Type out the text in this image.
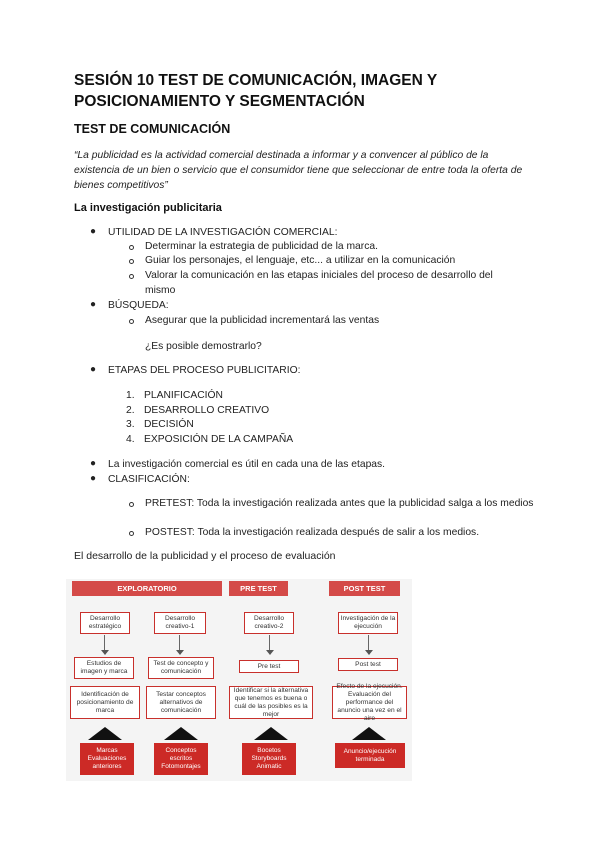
SESIÓN 10 TEST DE COMUNICACIÓN, IMAGEN Y POSICIONAMIENTO Y SEGMENTACIÓN
TEST DE COMUNICACIÓN
“La publicidad es la actividad comercial destinada a informar y a convencer al público de la existencia de un bien o servicio que el consumidor tiene que seleccionar de entre toda la oferta de bienes competitivos”
La investigación publicitaria
● UTILIDAD DE LA INVESTIGACIÓN COMERCIAL:
Determinar la estrategia de publicidad de la marca.
Guiar los personajes, el lenguaje, etc... a utilizar en la comunicación
Valorar la comunicación en las etapas iniciales del proceso de desarrollo del
mismo
● BÚSQUEDA:
Asegurar que la publicidad incrementará las ventas
¿Es posible demostrarlo?
● ETAPAS DEL PROCESO PUBLICITARIO:
1. PLANIFICACIÓN
2. DESARROLLO CREATIVO
3. DECISIÓN
4. EXPOSICIÓN DE LA CAMPAÑA
● La investigación comercial es útil en cada una de las etapas.
● CLASIFICACIÓN:
PRETEST: Toda la investigación realizada antes que la publicidad salga a los medios
POSTEST: Toda la investigación realizada después de salir a los medios.
El desarrollo de la publicidad y el proceso de evaluación
EXPLORATORIO	PRE TEST	POST TEST
Desarrollo estratégico
Desarrollo creativo-1
Desarrollo creativo-2
Investigación de la ejecución
Estudios de imagen y marca
Test de concepto y comunicación
Pre test	Post test
Identificación de posicionamiento de marca
Testar conceptos alternativos de comunicación
Identificar si la alternativa que tenemos es buena o cuál de las posibles es la mejor
Efecto de la ejecución. Evaluación del performance del anuncio una vez en el aire
Marcas Evaluaciones anteriores
Conceptos escritos Fotomontajes
Bocetos Storyboards Animatic
Anuncio/ejecución terminada
